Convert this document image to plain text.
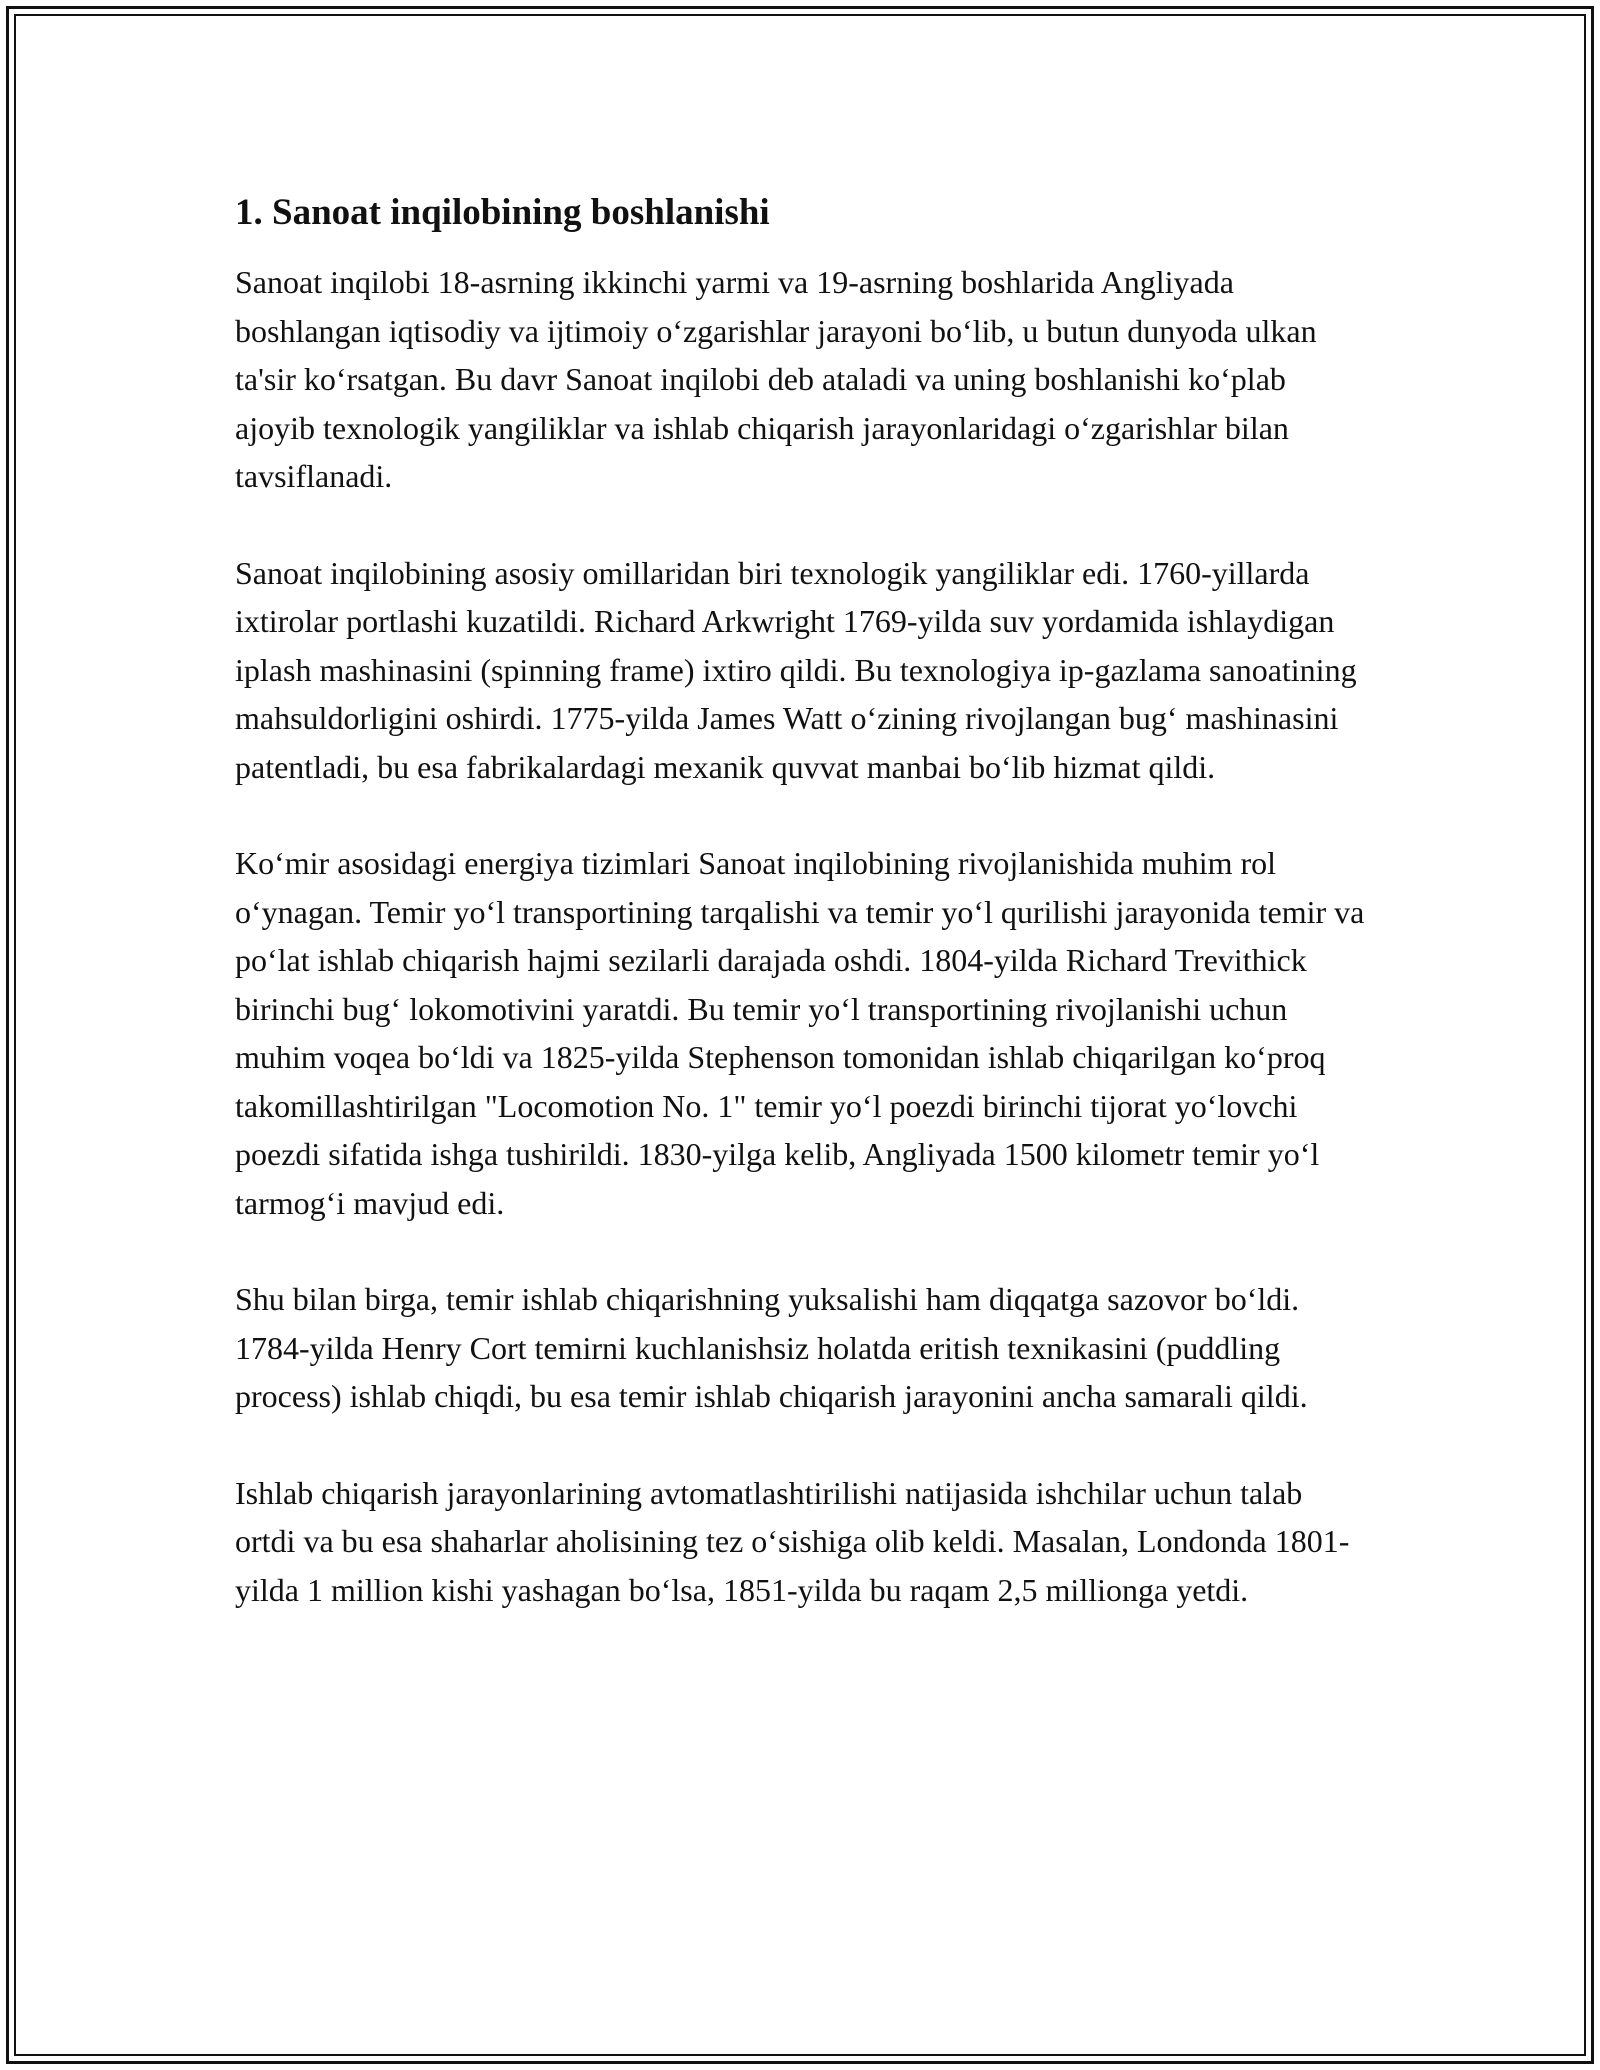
1. Sanoat inqilobining boshlanishi

Sanoat inqilobi 18-asrning ikkinchi yarmi va 19-asrning boshlarida Angliyada boshlangan iqtisodiy va ijtimoiy o‘zgarishlar jarayoni bo‘lib, u butun dunyoda ulkan ta'sir ko‘rsatgan. Bu davr Sanoat inqilobi deb ataladi va uning boshlanishi ko‘plab ajoyib texnologik yangiliklar va ishlab chiqarish jarayonlaridagi o‘zgarishlar bilan tavsiflanadi.

Sanoat inqilobining asosiy omillaridan biri texnologik yangiliklar edi. 1760-yillarda ixtirolar portlashi kuzatildi. Richard Arkwright 1769-yilda suv yordamida ishlaydigan iplash mashinasini (spinning frame) ixtiro qildi. Bu texnologiya ip-gazlama sanoatining mahsuldorligini oshirdi. 1775-yilda James Watt o‘zining rivojlangan bug‘ mashinasini patentladi, bu esa fabrikalardagi mexanik quvvat manbai bo‘lib hizmat qildi.

Ko‘mir asosidagi energiya tizimlari Sanoat inqilobining rivojlanishida muhim rol o‘ynagan. Temir yo‘l transportining tarqalishi va temir yo‘l qurilishi jarayonida temir va po‘lat ishlab chiqarish hajmi sezilarli darajada oshdi. 1804-yilda Richard Trevithick birinchi bug‘ lokomotivini yaratdi. Bu temir yo‘l transportining rivojlanishi uchun muhim voqea bo‘ldi va 1825-yilda Stephenson tomonidan ishlab chiqarilgan ko‘proq takomillashtirilgan "Locomotion No. 1" temir yo‘l poezdi birinchi tijorat yo‘lovchi poezdi sifatida ishga tushirildi. 1830-yilga kelib, Angliyada 1500 kilometr temir yo‘l tarmog‘i mavjud edi.

Shu bilan birga, temir ishlab chiqarishning yuksalishi ham diqqatga sazovor bo‘ldi. 1784-yilda Henry Cort temirni kuchlanishsiz holatda eritish texnikasini (puddling process) ishlab chiqdi, bu esa temir ishlab chiqarish jarayonini ancha samarali qildi.

Ishlab chiqarish jarayonlarining avtomatlashtirilishi natijasida ishchilar uchun talab ortdi va bu esa shaharlar aholisining tez o‘sishiga olib keldi. Masalan, Londonda 1801-yilda 1 million kishi yashagan bo‘lsa, 1851-yilda bu raqam 2,5 millionga yetdi.
